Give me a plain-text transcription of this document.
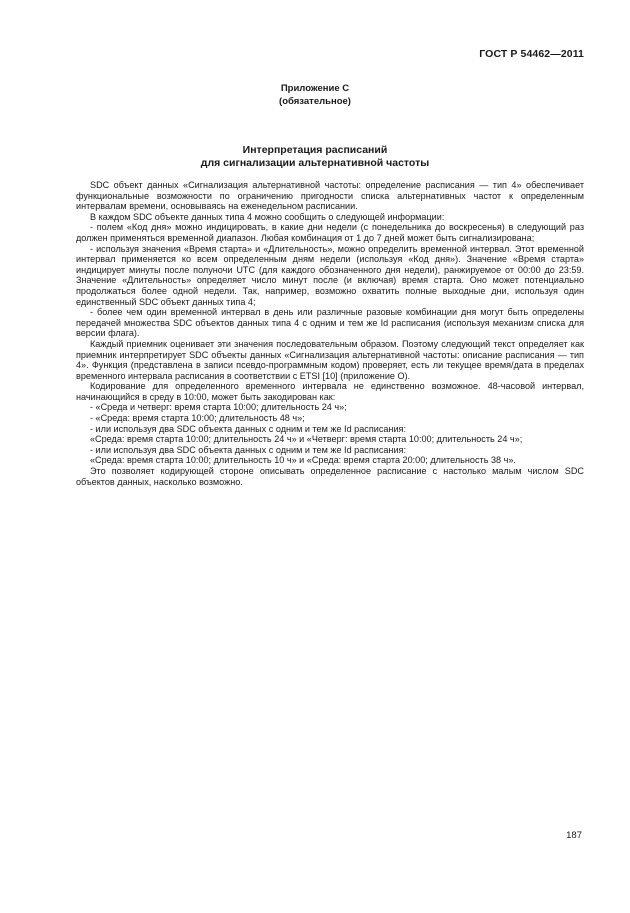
ГОСТ Р 54462—2011
Приложение С
(обязательное)
Интерпретация расписаний
для сигнализации альтернативной частоты

SDC объект данных «Сигнализация альтернативной частоты: определение расписания — тип 4» обеспечивает функциональные возможности по ограничению пригодности списка альтернативных частот к определенным интервалам времени, основываясь на еженедельном расписании.

В каждом SDC объекте данных типа 4 можно сообщить о следующей информации:

- полем «Код дня» можно индицировать, в какие дни недели (с понедельника до воскресенья) в следующий раз должен применяться временной диапазон. Любая комбинация от 1 до 7 дней может быть сигнализирована;

- используя значения «Время старта» и «Длительность», можно определить временной интервал. Этот временной интервал применяется ко всем определенным дням недели (используя «Код дня»). Значение «Время старта» индицирует минуты после полуночи UTC (для каждого обозначенного дня недели), ранжируемое от 00:00 до 23:59. Значение «Длительность» определяет число минут после (и включая) время старта. Оно может потенциально продолжаться более одной недели. Так, например, возможно охватить полные выходные дни, используя один единственный SDC объект данных типа 4;

- более чем один временной интервал в день или различные разовые комбинации дня могут быть определены передачей множества SDC объектов данных типа 4 с одним и тем же Id расписания (используя механизм списка для версии флага).

Каждый приемник оценивает эти значения последовательным образом. Поэтому следующий текст определяет как приемник интерпретирует SDC объекты данных «Сигнализация альтернативной частоты: описание расписания — тип 4». Функция (представлена в записи псевдо-программным кодом) проверяет, есть ли текущее время/дата в пределах временного интервала расписания в соответствии с ETSI [10] (приложение О).

Кодирование для определенного временного интервала не единственно возможное. 48-часовой интервал, начинающийся в среду в 10:00, может быть закодирован как:

- «Среда и четверг: время старта 10:00; длительность 24 ч»;

- «Среда: время старта 10:00; длительность 48 ч»;

- или используя два SDC объекта данных с одним и тем же Id расписания:

«Среда: время старта 10:00; длительность 24 ч» и «Четверг: время старта 10:00; длительность 24 ч»;

- или используя два SDC объекта данных с одним и тем же Id расписания:

«Среда: время старта 10:00; длительность 10 ч» и «Среда: время старта 20:00; длительность 38 ч».

Это позволяет кодирующей стороне описывать определенное расписание с настолько малым числом SDC объектов данных, насколько возможно.

187
